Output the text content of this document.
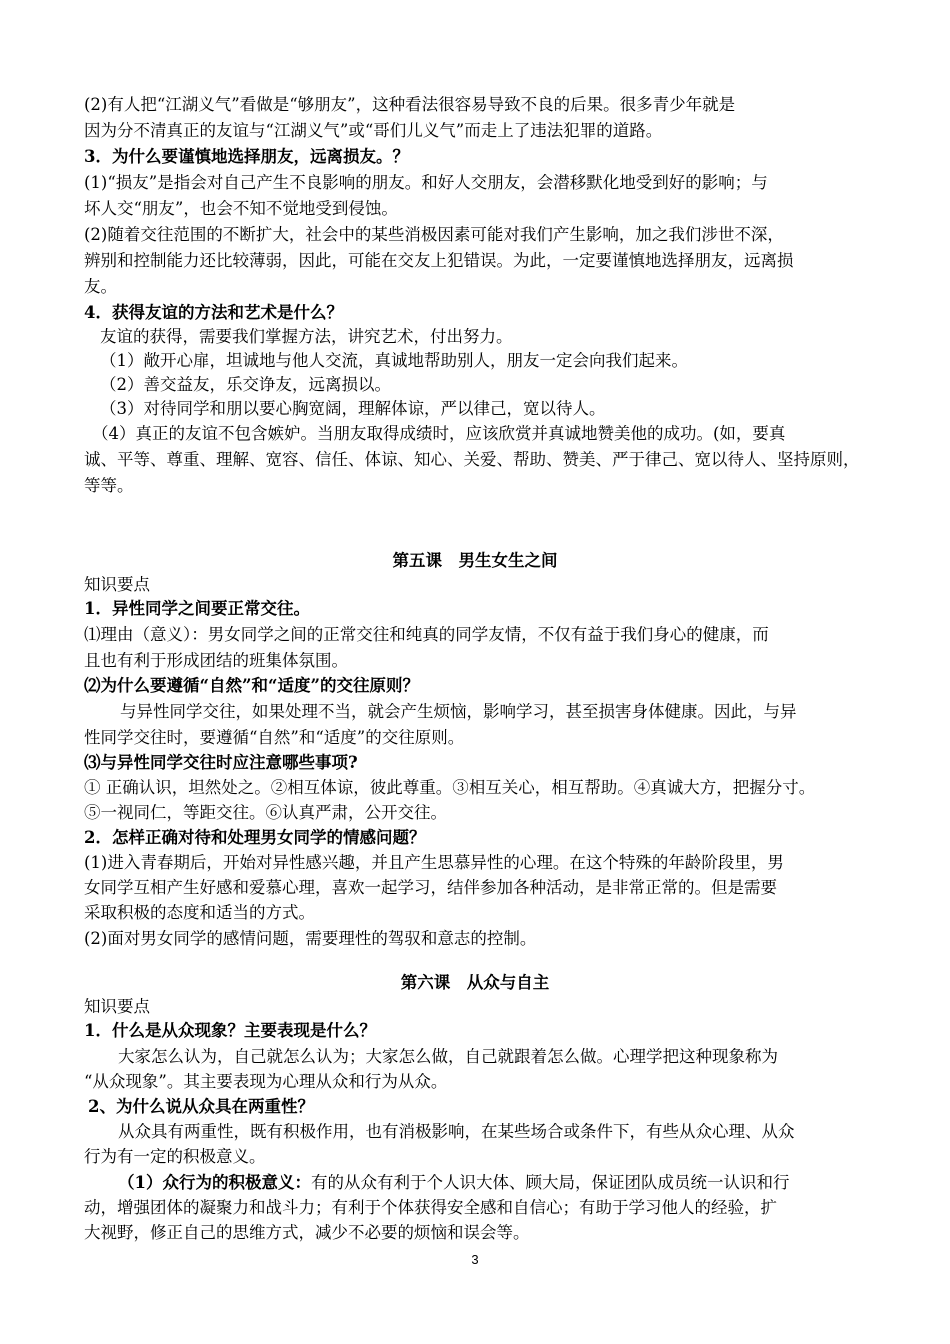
(2)有人把“江湖义气”看做是“够朋友”，这种看法很容易导致不良的后果。很多青少年就是
因为分不清真正的友谊与“江湖义气”或“哥们儿义气”而走上了违法犯罪的道路。
3．为什么要谨慎地选择朋友，远离损友。？
(1)“损友”是指会对自己产生不良影响的朋友。和好人交朋友，会潜移默化地受到好的影响；与
坏人交“朋友”，也会不知不觉地受到侵蚀。
(2)随着交往范围的不断扩大，社会中的某些消极因素可能对我们产生影响，加之我们涉世不深，
辨别和控制能力还比较薄弱，因此，可能在交友上犯错误。为此，一定要谨慎地选择朋友，远离损
友。
4．获得友谊的方法和艺术是什么？
友谊的获得，需要我们掌握方法，讲究艺术，付出努力。
（1）敞开心扉，坦诚地与他人交流，真诚地帮助别人，朋友一定会向我们起来。
（2）善交益友，乐交诤友，远离损以。
（3）对待同学和朋以要心胸宽阔，理解体谅，严以律己，宽以待人。
（4）真正的友谊不包含嫉妒。当朋友取得成绩时，应该欣赏并真诚地赞美他的成功。(如，要真
诚、平等、尊重、理解、宽容、信任、体谅、知心、关爱、帮助、赞美、严于律己、宽以待人、坚持原则，
等等。
第五课　男生女生之间
知识要点
1．异性同学之间要正常交往。
⑴理由（意义）：男女同学之间的正常交往和纯真的同学友情，不仅有益于我们身心的健康，而
且也有利于形成团结的班集体氛围。
⑵为什么要遵循“自然”和“适度”的交往原则？
与异性同学交往，如果处理不当，就会产生烦恼，影响学习，甚至损害身体健康。因此，与异
性同学交往时，要遵循“自然”和“适度”的交往原则。
⑶与异性同学交往时应注意哪些事项?
① 正确认识，坦然处之。②相互体谅，彼此尊重。③相互关心，相互帮助。④真诚大方，把握分寸。
⑤一视同仁，等距交往。⑥认真严肃，公开交往。
2．怎样正确对待和处理男女同学的情感问题？
(1)进入青春期后，开始对异性感兴趣，并且产生思慕异性的心理。在这个特殊的年龄阶段里，男
女同学互相产生好感和爱慕心理，喜欢一起学习，结伴参加各种活动，是非常正常的。但是需要
采取积极的态度和适当的方式。
(2)面对男女同学的感情问题，需要理性的驾驭和意志的控制。
第六课　从众与自主
知识要点
1．什么是从众现象？主要表现是什么？
大家怎么认为，自己就怎么认为；大家怎么做，自己就跟着怎么做。心理学把这种现象称为
“从众现象”。其主要表现为心理从众和行为从众。
2、为什么说从众具在两重性？
从众具有两重性，既有积极作用，也有消极影响，在某些场合或条件下，有些从众心理、从众
行为有一定的积极意义。
（1）众行为的积极意义：有的从众有利于个人识大体、顾大局，保证团队成员统一认识和行
动，增强团体的凝聚力和战斗力；有利于个体获得安全感和自信心；有助于学习他人的经验，扩
大视野，修正自己的思维方式，减少不必要的烦恼和误会等。
3
